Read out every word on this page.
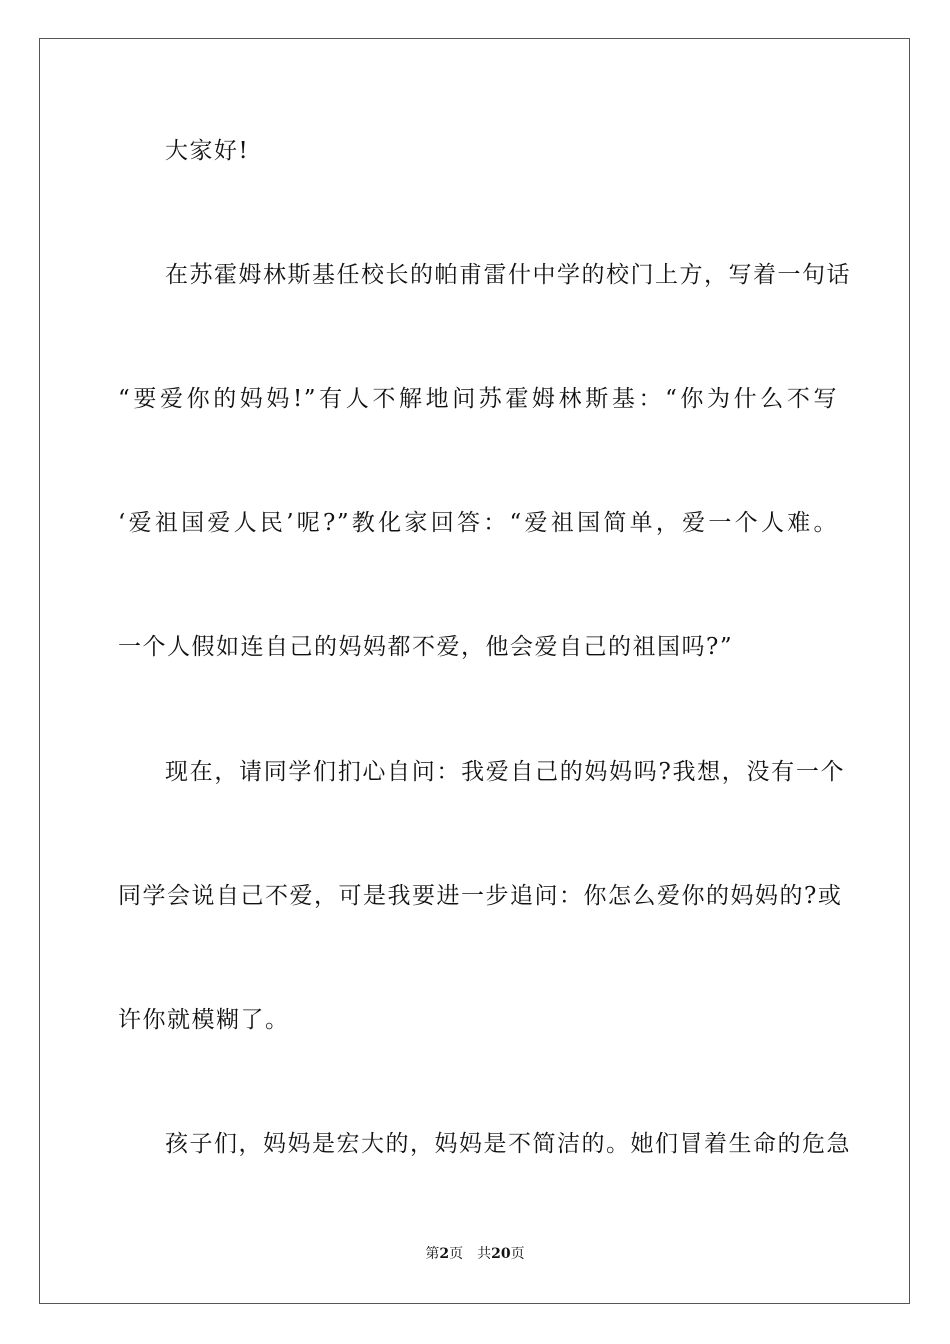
大家好!
在苏霍姆林斯基任校长的帕甫雷什中学的校门上方，写着一句话
“要爱你的妈妈!”有人不解地问苏霍姆林斯基：“你为什么不写
‘爱祖国爱人民’呢?”教化家回答：“爱祖国简单，爱一个人难。
一个人假如连自己的妈妈都不爱，他会爱自己的祖国吗?”
现在，请同学们扪心自问：我爱自己的妈妈吗?我想，没有一个
同学会说自己不爱，可是我要进一步追问：你怎么爱你的妈妈的?或
许你就模糊了。
孩子们，妈妈是宏大的，妈妈是不简洁的。她们冒着生命的危急
第2页 共20页
